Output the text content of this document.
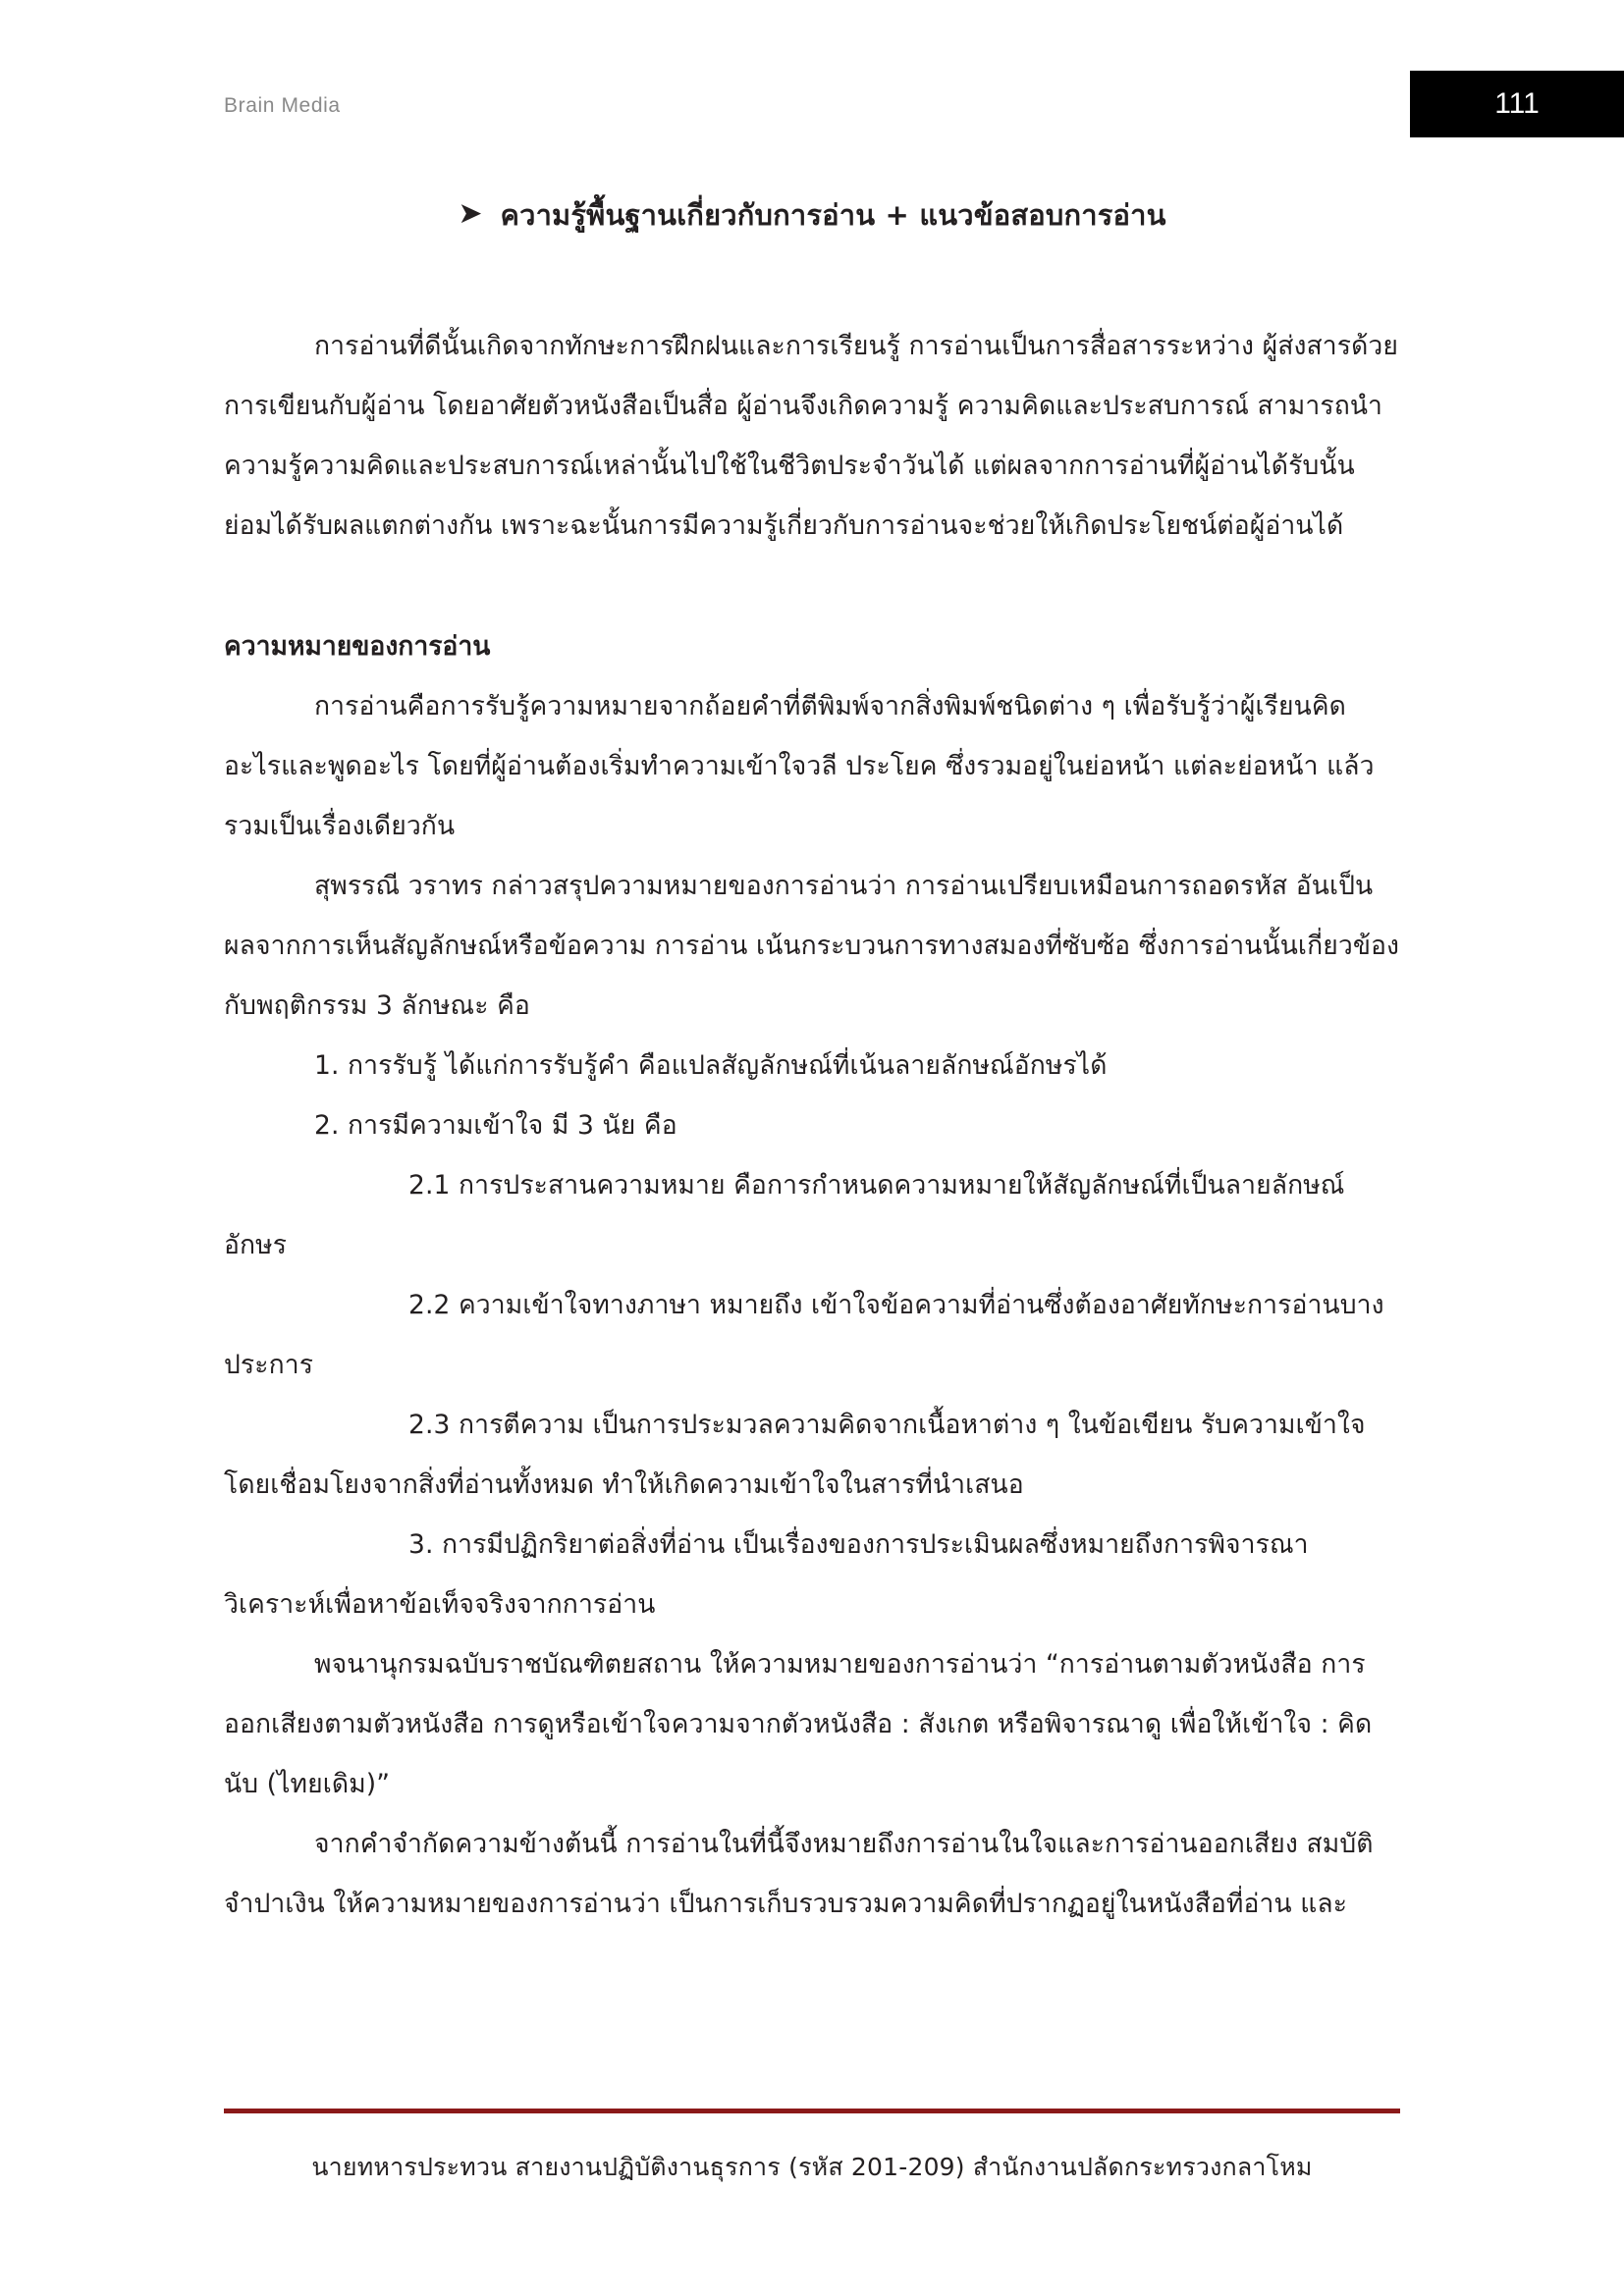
Brain Media	111
➤ ความรู้พื้นฐานเกี่ยวกับการอ่าน + แนวข้อสอบการอ่าน

การอ่านที่ดีนั้นเกิดจากทักษะการฝึกฝนและการเรียนรู้ การอ่านเป็นการสื่อสารระหว่าง ผู้ส่งสารด้วยการเขียนกับผู้อ่าน โดยอาศัยตัวหนังสือเป็นสื่อ ผู้อ่านจึงเกิดความรู้ ความคิดและประสบการณ์ สามารถนำความรู้ความคิดและประสบการณ์เหล่านั้นไปใช้ในชีวิตประจำวันได้ แต่ผลจากการอ่านที่ผู้อ่านได้รับนั้นย่อมได้รับผลแตกต่างกัน เพราะฉะนั้นการมีความรู้เกี่ยวกับการอ่านจะช่วยให้เกิดประโยชน์ต่อผู้อ่านได้

ความหมายของการอ่าน

การอ่านคือการรับรู้ความหมายจากถ้อยคำที่ตีพิมพ์จากสิ่งพิมพ์ชนิดต่าง ๆ เพื่อรับรู้ว่าผู้เรียนคิดอะไรและพูดอะไร โดยที่ผู้อ่านต้องเริ่มทำความเข้าใจวลี ประโยค ซึ่งรวมอยู่ในย่อหน้า แต่ละย่อหน้า แล้วรวมเป็นเรื่องเดียวกัน

สุพรรณี วราทร กล่าวสรุปความหมายของการอ่านว่า การอ่านเปรียบเหมือนการถอดรหัส อันเป็นผลจากการเห็นสัญลักษณ์หรือข้อความ การอ่าน เน้นกระบวนการทางสมองที่ซับซ้อ ซึ่งการอ่านนั้นเกี่ยวข้องกับพฤติกรรม 3 ลักษณะ คือ

1. การรับรู้ ได้แก่การรับรู้คำ คือแปลสัญลักษณ์ที่เน้นลายลักษณ์อักษรได้

2. การมีความเข้าใจ มี 3 นัย คือ

2.1 การประสานความหมาย คือการกำหนดความหมายให้สัญลักษณ์ที่เป็นลายลักษณ์อักษร

2.2 ความเข้าใจทางภาษา หมายถึง เข้าใจข้อความที่อ่านซึ่งต้องอาศัยทักษะการอ่านบางประการ

2.3 การตีความ เป็นการประมวลความคิดจากเนื้อหาต่าง ๆ ในข้อเขียน รับความเข้าใจโดยเชื่อมโยงจากสิ่งที่อ่านทั้งหมด ทำให้เกิดความเข้าใจในสารที่นำเสนอ

3. การมีปฏิกริยาต่อสิ่งที่อ่าน เป็นเรื่องของการประเมินผลซึ่งหมายถึงการพิจารณา วิเคราะห์เพื่อหาข้อเท็จจริงจากการอ่าน

พจนานุกรมฉบับราชบัณฑิตยสถาน ให้ความหมายของการอ่านว่า “การอ่านตามตัวหนังสือ การออกเสียงตามตัวหนังสือ การดูหรือเข้าใจความจากตัวหนังสือ : สังเกต หรือพิจารณาดู เพื่อให้เข้าใจ : คิด นับ (ไทยเดิม)”

จากคำจำกัดความข้างต้นนี้ การอ่านในที่นี้จึงหมายถึงการอ่านในใจและการอ่านออกเสียง สมบัติ จำปาเงิน ให้ความหมายของการอ่านว่า เป็นการเก็บรวบรวมความคิดที่ปรากฏอยู่ในหนังสือที่อ่าน และ

นายทหารประทวน สายงานปฏิบัติงานธุรการ (รหัส 201-209) สำนักงานปลัดกระทรวงกลาโหม
